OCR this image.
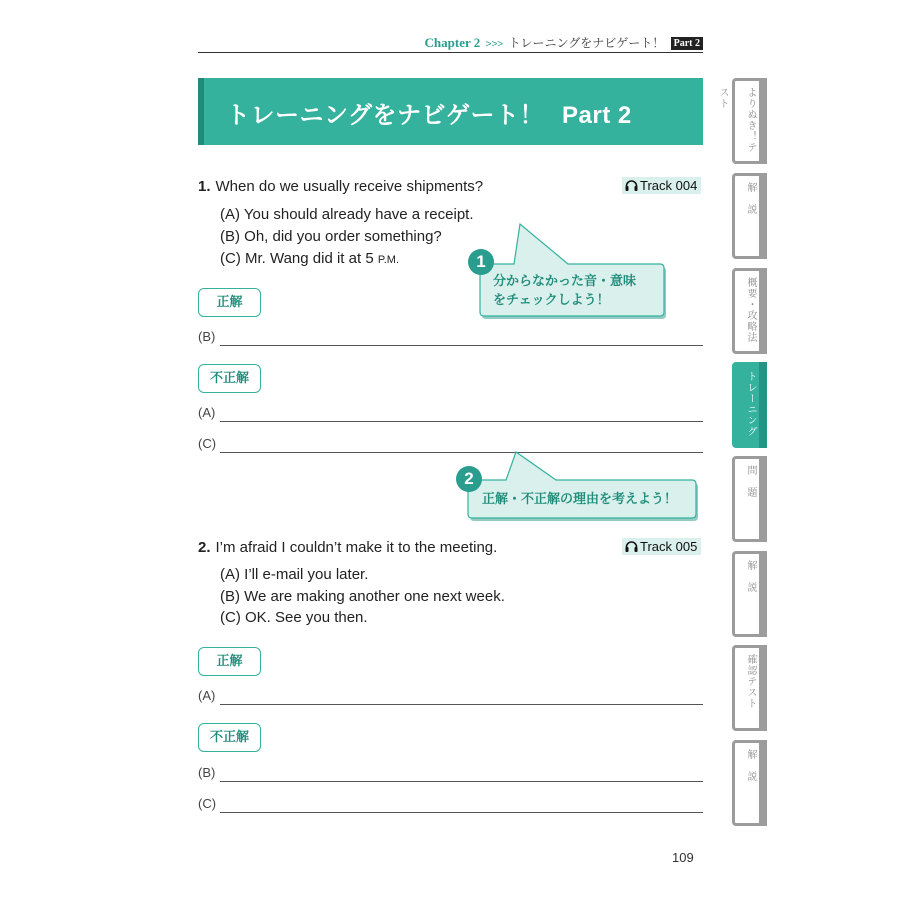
Chapter 2 >>> トレーニングをナビゲート！ Part 2
トレーニングをナビゲート！ Part 2
1. When do we usually receive shipments?	Track 004
(A) You should already have a receipt.
(B) Oh, did you order something?
(C) Mr. Wang did it at 5 P.M.	1
分からなかった音・意味
をチェックしよう！
正解
(B)
不正解
(A)
(C)
2
正解・不正解の理由を考えよう！
2. I’m afraid I couldn’t make it to the meeting.	Track 005
(A) I’ll e-mail you later.
(B) We are making another one next week.
(C) OK. See you then.
正解
(A)
不正解
(B)
(C)
よりぬき！テスト
解　説
概要・攻略法
トレーニング
問　題
解　説
確認テスト
解　説
109
